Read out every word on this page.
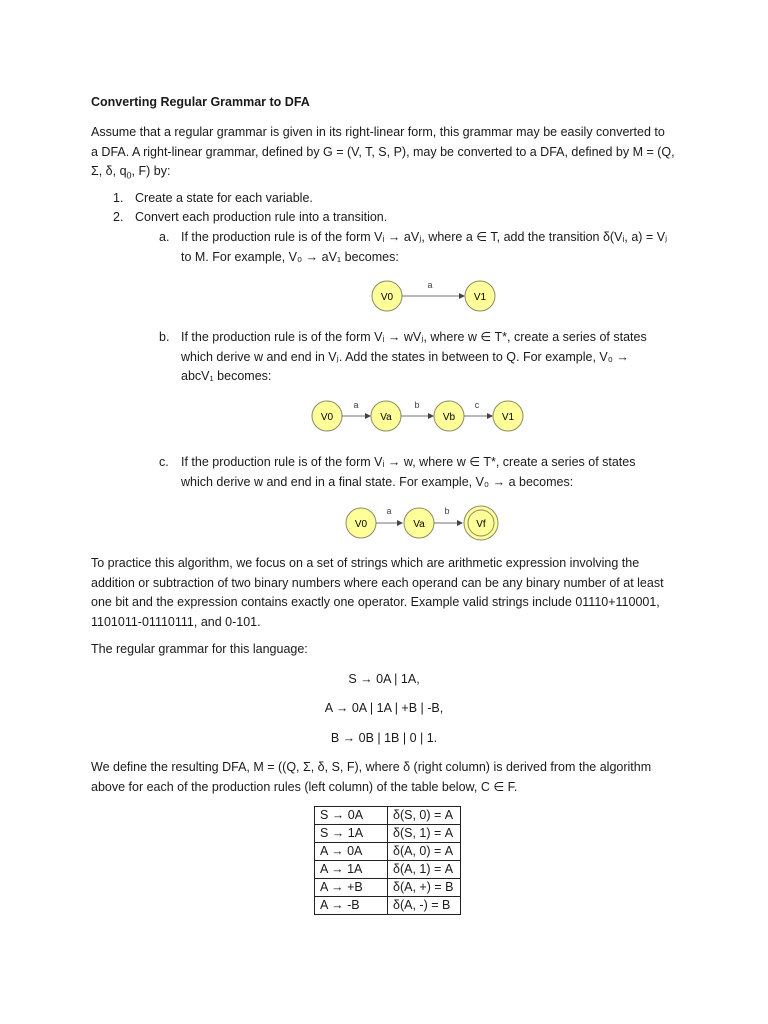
Converting Regular Grammar to DFA
Assume that a regular grammar is given in its right-linear form, this grammar may be easily converted to
a DFA. A right-linear grammar, defined by G = (V, T, S, P), may be converted to a DFA, defined by M = (Q,
Σ, δ, $q_0$, F) by:
1. Create a state for each variable.
2. Convert each production rule into a transition.
a. If the production rule is of the form Vᵢ → aVⱼ, where a ∈ T, add the transition δ(Vᵢ, a) = Vⱼ
to M. For example, V₀ → aV₁ becomes:
V0
a
V1
b. If the production rule is of the form Vᵢ → wVⱼ, where w ∈ T*, create a series of states
which derive w and end in Vⱼ. Add the states in between to Q. For example, V₀ →
abcV₁ becomes:
V0
a
Va
b
Vb
c
V1
c. If the production rule is of the form Vᵢ → w, where w ∈ T*, create a series of states
which derive w and end in a final state. For example, V₀ → a becomes:
V0
a
Va
b
Vf
To practice this algorithm, we focus on a set of strings which are arithmetic expression involving the
addition or subtraction of two binary numbers where each operand can be any binary number of at least
one bit and the expression contains exactly one operator. Example valid strings include 01110+110001,
1101011-01110111, and 0-101.
The regular grammar for this language:
S → 0A | 1A,
A → 0A | 1A | +B | -B,
B → 0B | 1B | 0 | 1.
We define the resulting DFA, M = ((Q, Σ, δ, S, F), where δ (right column) is derived from the algorithm
above for each of the production rules (left column) of the table below, C ∈ F.
S → 0A	δ(S, 0) = A
S → 1A	δ(S, 1) = A
A → 0A	δ(A, 0) = A
A → 1A	δ(A, 1) = A
A → +B	δ(A, +) = B
A → -B	δ(A, -) = B
